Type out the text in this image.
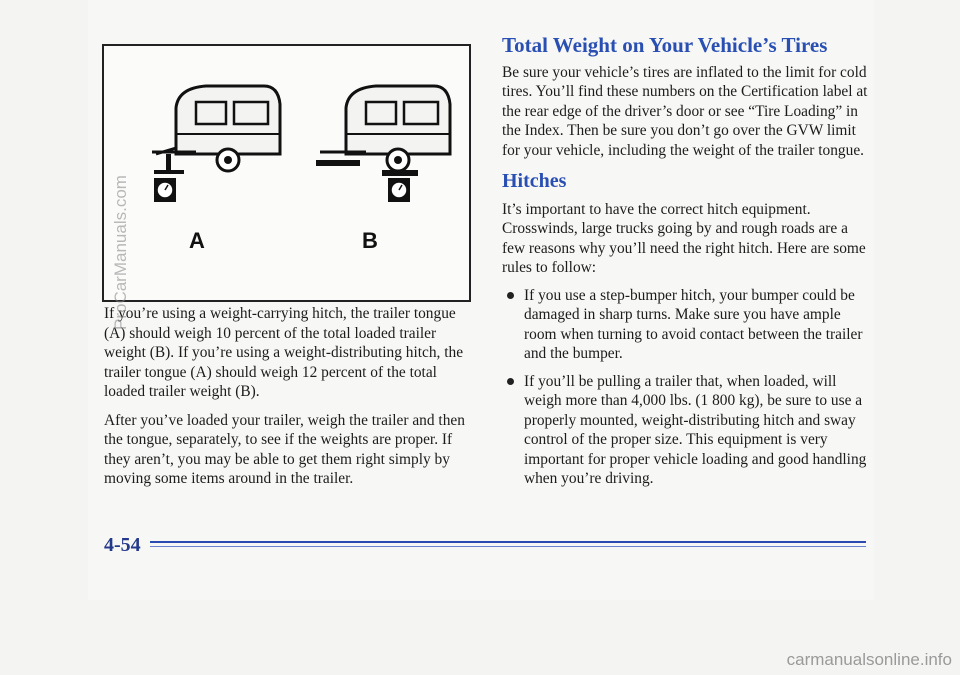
A	B

If you’re using a weight-carrying hitch, the trailer tongue (A) should weigh 10 percent of the total loaded trailer weight (B). If you’re using a weight-distributing hitch, the trailer tongue (A) should weigh 12 percent of the total loaded trailer weight (B).

After you’ve loaded your trailer, weigh the trailer and then the tongue, separately, to see if the weights are proper. If they aren’t, you may be able to get them right simply by moving some items around in the trailer.

Total Weight on Your Vehicle’s Tires

Be sure your vehicle’s tires are inflated to the limit for cold tires. You’ll find these numbers on the Certification label at the rear edge of the driver’s door or see “Tire Loading” in the Index. Then be sure you don’t go over the GVW limit for your vehicle, including the weight of the trailer tongue.

Hitches

It’s important to have the correct hitch equipment. Crosswinds, large trucks going by and rough roads are a few reasons why you’ll need the right hitch. Here are some rules to follow:

If you use a step-bumper hitch, your bumper could be damaged in sharp turns. Make sure you have ample room when turning to avoid contact between the trailer and the bumper.
If you’ll be pulling a trailer that, when loaded, will weigh more than 4,000 lbs. (1 800 kg), be sure to use a properly mounted, weight-distributing hitch and sway control of the proper size. This equipment is very important for proper vehicle loading and good handling when you’re driving.
4-54
ProCarManuals.com
carmanualsonline.info
